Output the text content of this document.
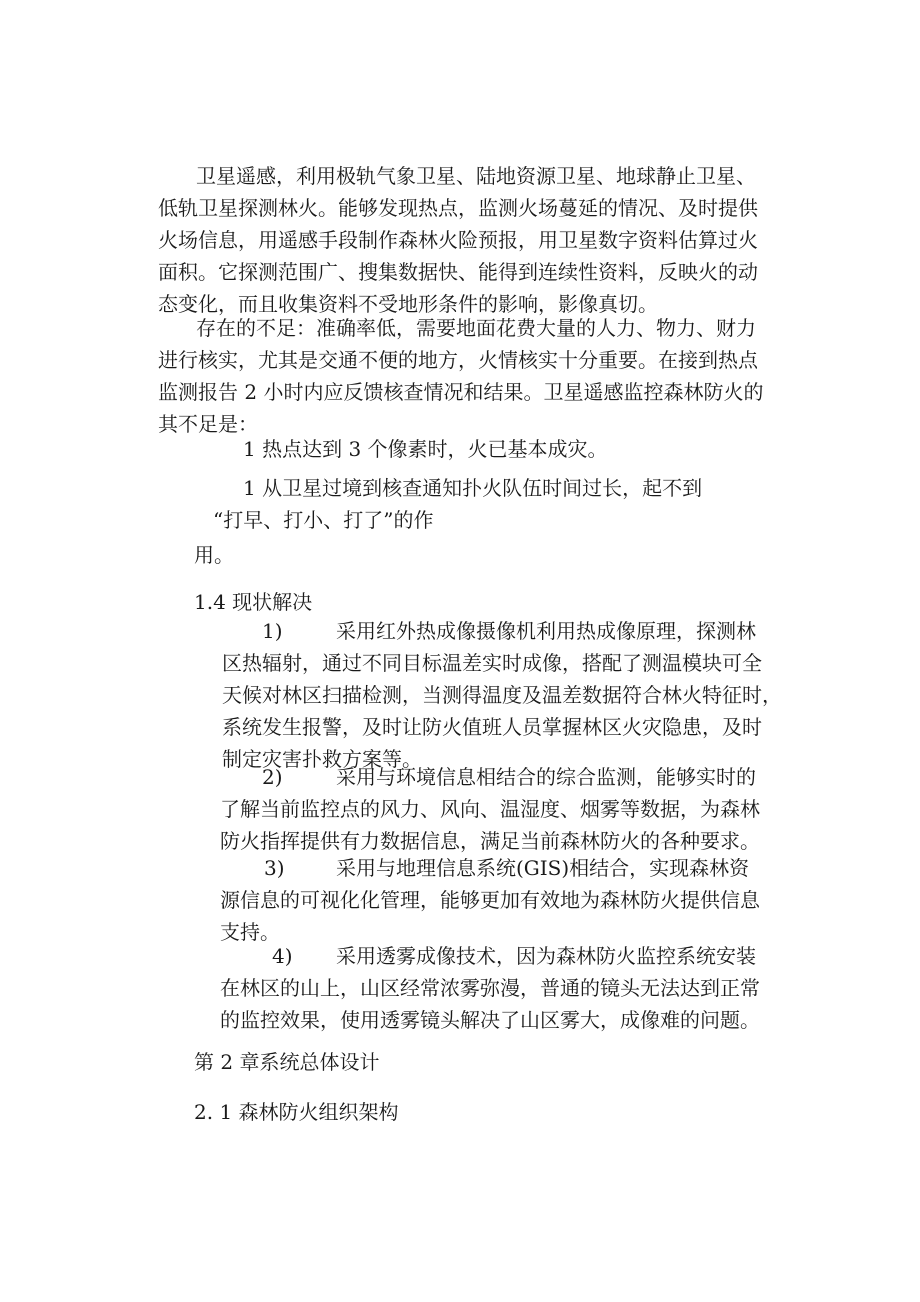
卫星遥感，利用极轨气象卫星、陆地资源卫星、地球静止卫星、
低轨卫星探测林火。能够发现热点，监测火场蔓延的情况、及时提供
火场信息，用遥感手段制作森林火险预报，用卫星数字资料估算过火
面积。它探测范围广、搜集数据快、能得到连续性资料，反映火的动
态变化，而且收集资料不受地形条件的影响，影像真切。
存在的不足：准确率低，需要地面花费大量的人力、物力、财力
进行核实，尤其是交通不便的地方，火情核实十分重要。在接到热点
监测报告 2 小时内应反馈核查情况和结果。卫星遥感监控森林防火的
其不足是：

1 热点达到 3 个像素时，火已基本成灾。

1 从卫星过境到核查通知扑火队伍时间过长，起不到
“打早、打小、打了”的作

用。

1.4 现状解决

1)	采用红外热成像摄像机利用热成像原理，探测林
区热辐射，通过不同目标温差实时成像，搭配了测温模块可全
天候对林区扫描检测，当测得温度及温差数据符合林火特征时，
系统发生报警，及时让防火值班人员掌握林区火灾隐患，及时
制定灾害扑救方案等。
2)	采用与环境信息相结合的综合监测，能够实时的
了解当前监控点的风力、风向、温湿度、烟雾等数据，为森林
防火指挥提供有力数据信息，满足当前森林防火的各种要求。
3)	采用与地理信息系统(GIS)相结合，实现森林资
源信息的可视化化管理，能够更加有效地为森林防火提供信息
支持。
4) 采用透雾成像技术，因为森林防火监控系统安装
在林区的山上，山区经常浓雾弥漫，普通的镜头无法达到正常
的监控效果，使用透雾镜头解决了山区雾大，成像难的问题。

第 2 章系统总体设计

2. 1 森林防火组织架构
